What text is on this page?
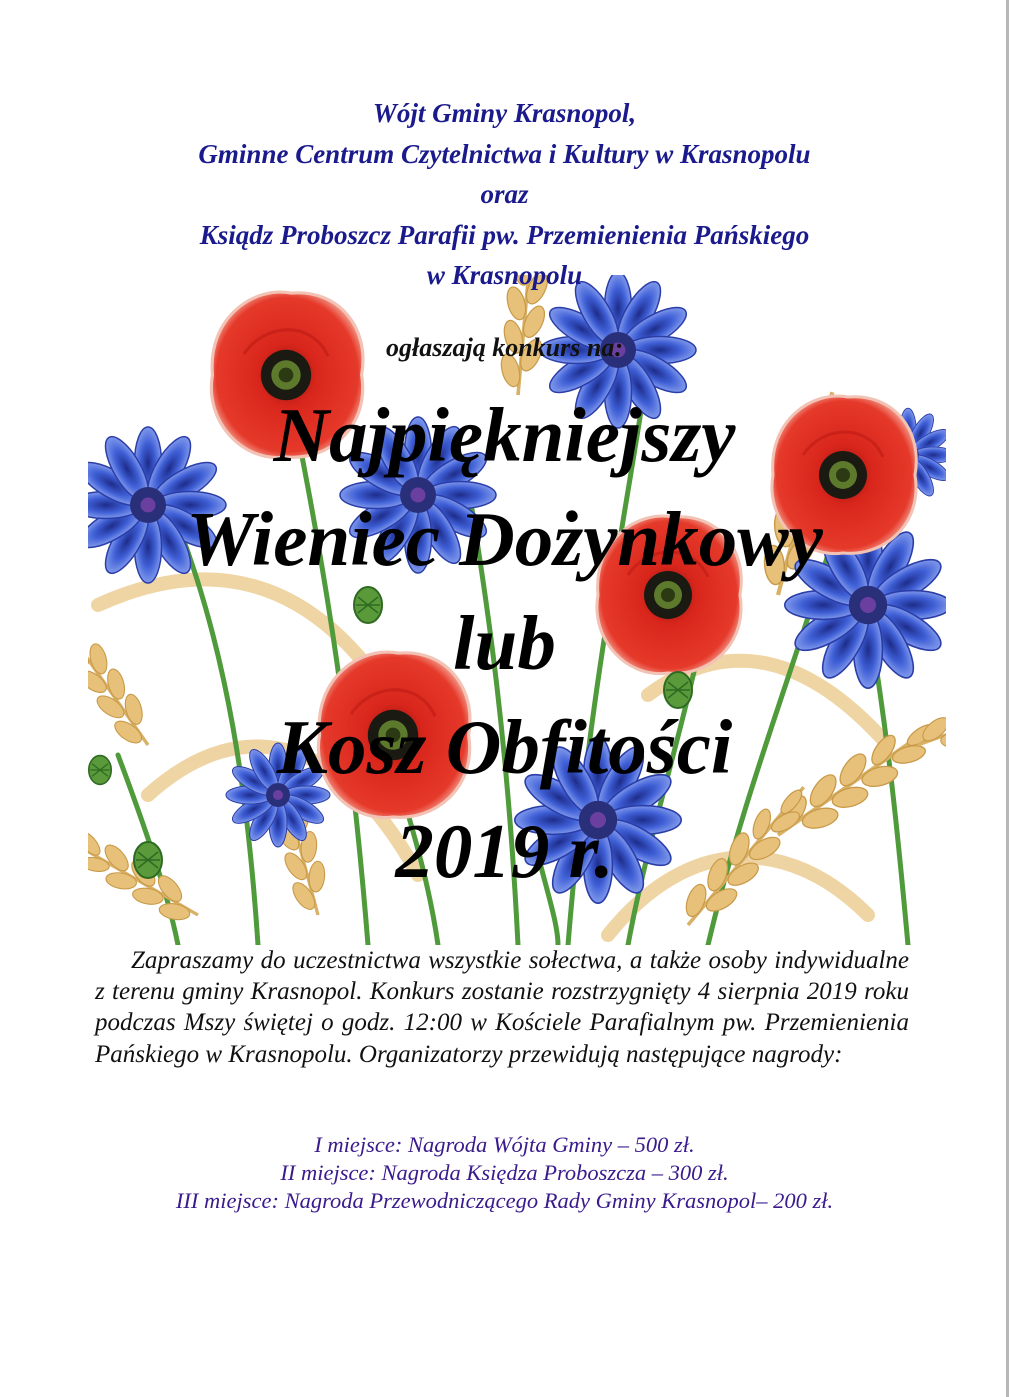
Wójt Gminy Krasnopol,
Gminne Centrum Czytelnictwa i Kultury w Krasnopolu
oraz
Ksiądz Proboszcz Parafii pw. Przemienienia Pańskiego
w Krasnopolu
ogłaszają konkurs na:
Najpiękniejszy
Wieniec Dożynkowy
lub
Kosz Obfitości
2019 r.
Zapraszamy do uczestnictwa wszystkie sołectwa, a także osoby indywidualne z terenu gminy Krasnopol. Konkurs zostanie rozstrzygnięty 4 sierpnia 2019 roku podczas Mszy świętej o godz. 12:00 w Kościele Parafialnym pw. Przemienienia Pańskiego w Krasnopolu. Organizatorzy przewidują następujące nagrody:
I miejsce: Nagroda Wójta Gminy – 500 zł.
II miejsce: Nagroda Księdza Proboszcza – 300 zł.
III miejsce: Nagroda Przewodniczącego Rady Gminy Krasnopol– 200 zł.
